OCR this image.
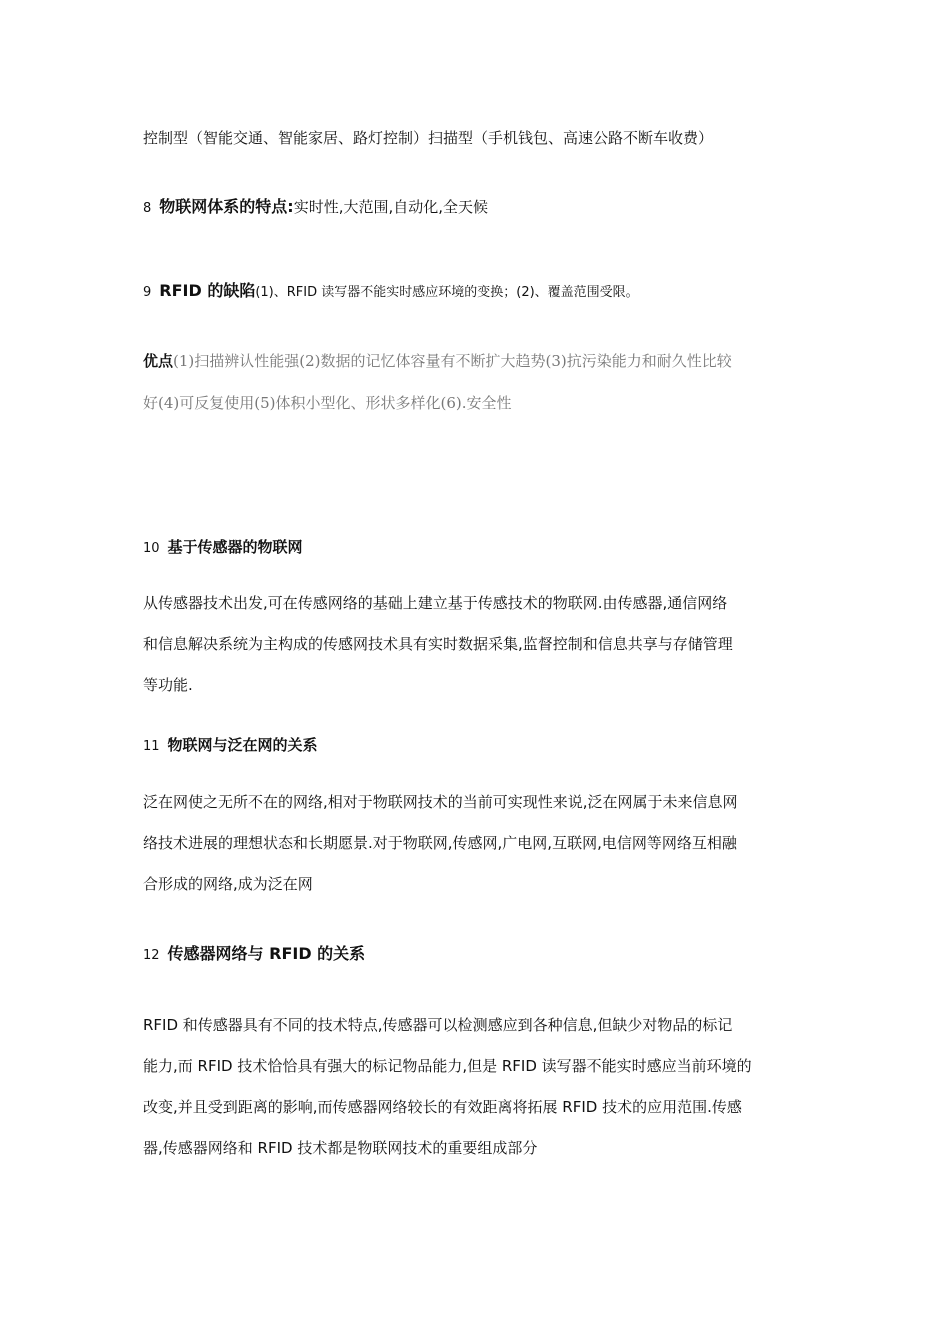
控制型（智能交通、智能家居、路灯控制）扫描型（手机钱包、高速公路不断车收费）
8 物联网体系的特点:实时性,大范围,自动化,全天候
9 RFID 的缺陷(1)、RFID 读写器不能实时感应环境的变换；(2)、覆盖范围受限。
优点(1)扫描辨认性能强(2)数据的记忆体容量有不断扩大趋势(3)抗污染能力和耐久性比较
好(4)可反复使用(5)体积小型化、形状多样化(6).安全性
10 基于传感器的物联网
从传感器技术出发,可在传感网络的基础上建立基于传感技术的物联网.由传感器,通信网络
和信息解决系统为主构成的传感网技术具有实时数据采集,监督控制和信息共享与存储管理
等功能.
11 物联网与泛在网的关系
泛在网使之无所不在的网络,相对于物联网技术的当前可实现性来说,泛在网属于未来信息网
络技术进展的理想状态和长期愿景.对于物联网,传感网,广电网,互联网,电信网等网络互相融
合形成的网络,成为泛在网
12 传感器网络与 RFID 的关系
RFID 和传感器具有不同的技术特点,传感器可以检测感应到各种信息,但缺少对物品的标记
能力,而 RFID 技术恰恰具有强大的标记物品能力,但是 RFID 读写器不能实时感应当前环境的
改变,并且受到距离的影响,而传感器网络较长的有效距离将拓展 RFID 技术的应用范围.传感
器,传感器网络和 RFID 技术都是物联网技术的重要组成部分
